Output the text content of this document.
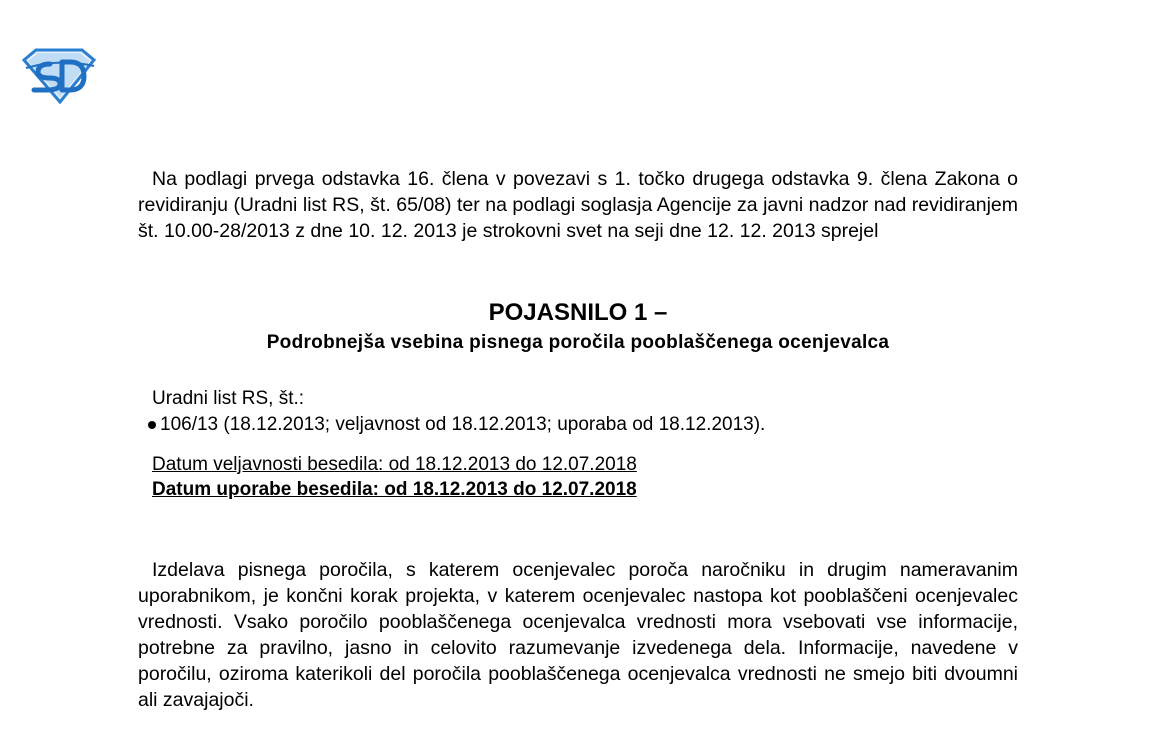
Na podlagi prvega odstavka 16. člena v povezavi s 1. točko drugega odstavka 9. člena Zakona o revidiranju (Uradni list RS, št. 65/08) ter na podlagi soglasja Agencije za javni nadzor nad revidiranjem št. 10.00-28/2013 z dne 10. 12. 2013 je strokovni svet na seji dne 12. 12. 2013 sprejel

POJASNILO 1 –
Podrobnejša vsebina pisnega poročila pooblaščenega ocenjevalca
Uradni list RS, št.:
106/13 (18.12.2013; veljavnost od 18.12.2013; uporaba od 18.12.2013).
Datum veljavnosti besedila: od 18.12.2013 do 12.07.2018
Datum uporabe besedila: od 18.12.2013 do 12.07.2018

Izdelava pisnega poročila, s katerem ocenjevalec poroča naročniku in drugim nameravanim uporabnikom, je končni korak projekta, v katerem ocenjevalec nastopa kot pooblaščeni ocenjevalec vrednosti. Vsako poročilo pooblaščenega ocenjevalca vrednosti mora vsebovati vse informacije, potrebne za pravilno, jasno in celovito razumevanje izvedenega dela. Informacije, navedene v poročilu, oziroma katerikoli del poročila pooblaščenega ocenjevalca vrednosti ne smejo biti dvoumni ali zavajajoči.
